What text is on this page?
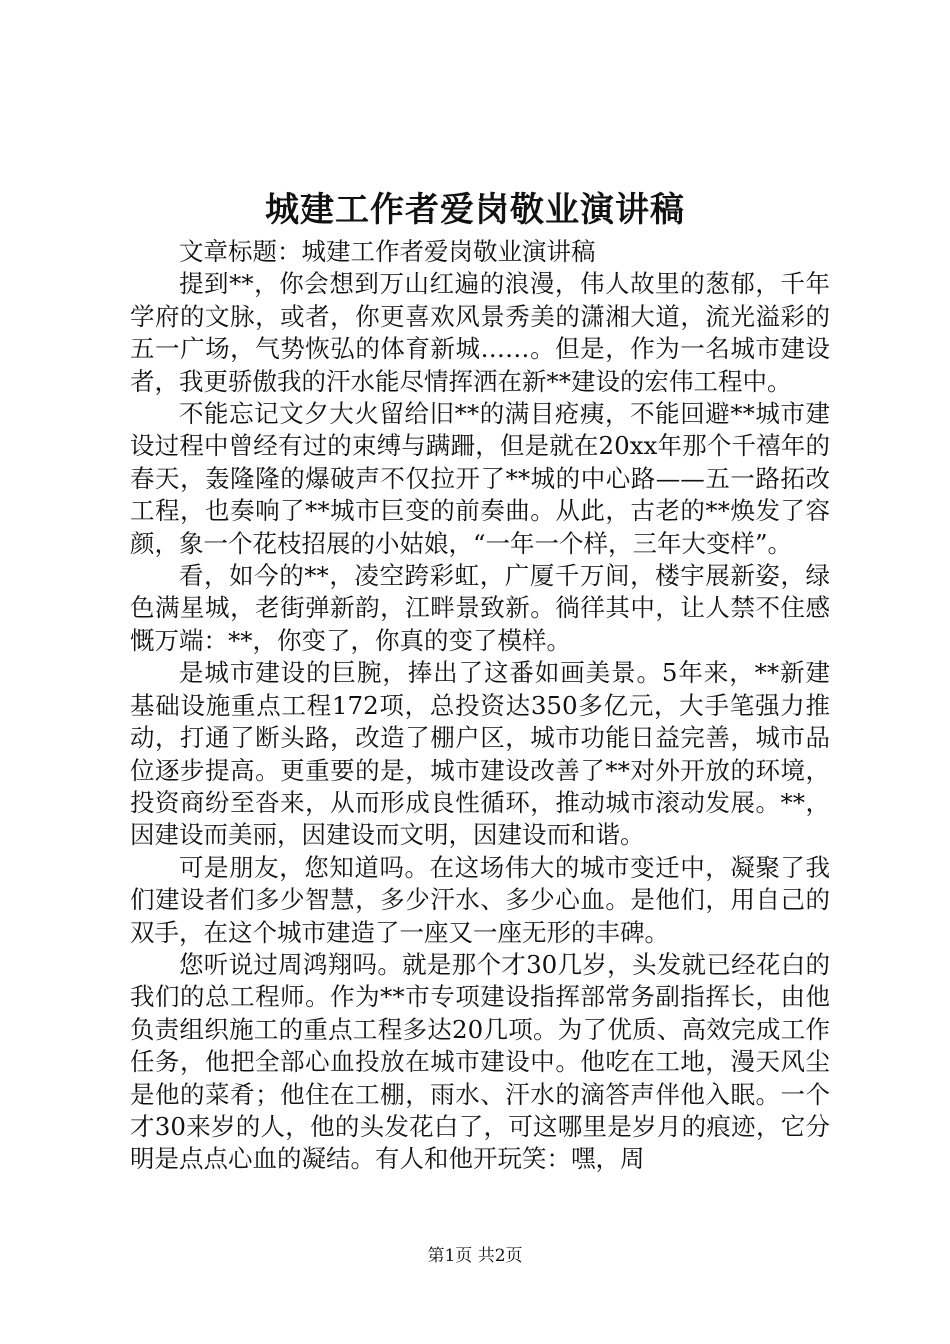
城建工作者爱岗敬业演讲稿

文章标题：城建工作者爱岗敬业演讲稿

提到**，你会想到万山红遍的浪漫，伟人故里的葱郁，千年学府的文脉，或者，你更喜欢风景秀美的潇湘大道，流光溢彩的五一广场，气势恢弘的体育新城……。但是，作为一名城市建设者，我更骄傲我的汗水能尽情挥洒在新**建设的宏伟工程中。

不能忘记文夕大火留给旧**的满目疮痍，不能回避**城市建设过程中曾经有过的束缚与蹒跚，但是就在20xx年那个千禧年的春天，轰隆隆的爆破声不仅拉开了**城的中心路——五一路拓改工程，也奏响了**城市巨变的前奏曲。从此，古老的**焕发了容颜，象一个花枝招展的小姑娘，“一年一个样，三年大变样”。

看，如今的**，凌空跨彩虹，广厦千万间，楼宇展新姿，绿色满星城，老街弹新韵，江畔景致新。徜徉其中，让人禁不住感慨万端：**，你变了，你真的变了模样。

是城市建设的巨腕，捧出了这番如画美景。5年来，**新建基础设施重点工程172项，总投资达350多亿元，大手笔强力推动，打通了断头路，改造了棚户区，城市功能日益完善，城市品位逐步提高。更重要的是，城市建设改善了**对外开放的环境，投资商纷至沓来，从而形成良性循环，推动城市滚动发展。**，因建设而美丽，因建设而文明，因建设而和谐。

可是朋友，您知道吗。在这场伟大的城市变迁中，凝聚了我们建设者们多少智慧，多少汗水、多少心血。是他们，用自己的双手，在这个城市建造了一座又一座无形的丰碑。

您听说过周鸿翔吗。就是那个才30几岁，头发就已经花白的我们的总工程师。作为**市专项建设指挥部常务副指挥长，由他负责组织施工的重点工程多达20几项。为了优质、高效完成工作任务，他把全部心血投放在城市建设中。他吃在工地，漫天风尘是他的菜肴；他住在工棚，雨水、汗水的滴答声伴他入眠。一个才30来岁的人，他的头发花白了，可这哪里是岁月的痕迹，它分明是点点心血的凝结。有人和他开玩笑：嘿，周

第1页 共2页
